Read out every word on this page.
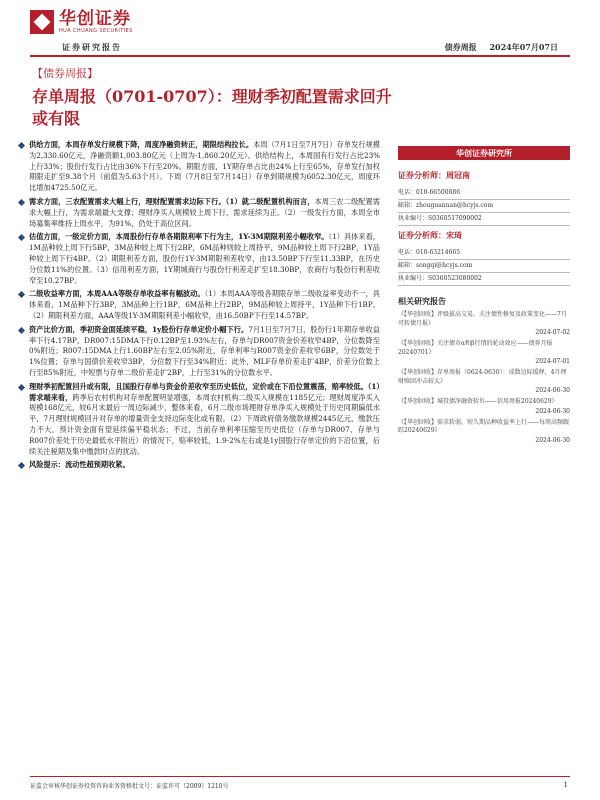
华创证券
HUA CHUANG SECURITIES
证券研究报告	债券周报 2024年07月07日
【债券周报】
存单周报（0701-0707）：理财季初配置需求回升或有限
供给方面，本周存单发行规模下降，周度净融资转正，期限结构拉长。本周（7月1日至7月7日）存单发行规模为2,330.60亿元，净融资额1,003.80亿元（上周为-1,860.20亿元）。供给结构上，本周国有行发行占比23%上行33%；股份行发行占比由36%下行至20%。期限方面，1Y期存单占比由24%上行至65%，存单发行加权期限走扩至9.38个月（前值为5.63个月）。下周（7月8日至7月14日）存单到期规模为6052.30亿元，周度环比增加4725.50亿元。
需求方面，三农配置需求大幅上行，理财配置需求边际下行。（1）就二级配置机构而言，本周三农二级配置需求大幅上行，为需求端最大支撑；理财净买入规模较上周下行，需求延续为正。（2）一级发行方面，本周全市场募集率维持上周水平，为91%，仍处于高位区间。
估值方面，一级定价方面，本周股份行存单各期限利率下行为主，1Y-3M期限利差小幅收窄。（1）具体来看，1M品种较上周下行5BP，3M品种较上周下行2BP，6M品种则较上周持平，9M品种较上周下行2BP，1Y品种较上周下行4BP。（2）期限利差方面，股份行1Y-3M期限利差收窄，由13.50BP下行至11.33BP，在历史分位数11%的位置。（3）信用利差方面，1Y期城商行与股份行利差走扩至18.30BP，农商行与股份行利差收窄至10.27BP。
二级收益率方面，本周AAA等级存单收益率有幅波动。（1）本周AAA等级各期限存单二级收益率变动不一，具体来看，1M品种下行3BP，3M品种上行1BP，6M品种上行2BP，9M品种较上周持平，1Y品种下行1BP。（2）期限利差方面，AAA等级1Y-3M期限利差小幅收窄，由16.50BP下行至14.57BP。
资产比价方面，季初资金面延续平稳，1y股份行存单定价小幅下行。7月1日至7月7日，股份行1年期存单收益率下行4.17BP，DR007:15DMA下行0.12BP至1.93%左右，存单与DR007资金价差收窄4BP，分位数降至0%附近；R007:15DMA上行1.60BP左右至2.05%附近，存单利率与R007资金价差收窄6BP，分位数处于1%位置；存单与国债价差收窄3BP，分位数下行至34%附近；此外，MLF存单价差走扩4BP，价差分位数上行至85%附近，中短票与存单二级价差走扩2BP，上行至31%的分位数水平。
理财季初配置回升或有限，且国股行存单与资金价差收窄至历史低位，定价或在下沿位置震荡，赔率较低。（1）需求端来看，跨季后农村机构对存单配置明显增强，本周农村机构二级买入规模在1185亿元；理财周度净买入规模168亿元，较6月末最后一周边际减少，整体来看，6月二级市场理财存单净买入规模处于历史同期偏低水平，7月理财规模回升对存单的增量资金支持边际变化或有限。（2）下周政府债务缴款规模2445亿元，缴款压力不大，预计资金面有望延续偏平稳状态；不过，当前存单利率压缩至历史低位（存单与DR007、存单与R007价差处于历史最低水平附近）的情况下，赔率较低，1.9-2%左右或是1y国股行存单定价的下沿位置，后续关注税期及集中缴款时点的扰动。
风险提示：流动性超预期收紧。
华创证券研究所
证券分析师：周冠南
电话：010-66500886
邮箱：zhouguannan@hcyjs.com
执业编号：S0360517090002
证券分析师：宋琦
电话：010-63214665
邮箱：songqi@hcyjs.com
执业编号：S0360523080002
相关研究报告
《【华创固收】评级拔高交易，关注债性修复及政策变化——7月可转债月报》
2024-07-02
《【华创固收】关注债市α和β行情的轮动效应——债券月报20240701》
2024-07-01
《【华创固收】存单周报（0624-0630）：成数边际缓释，4月理财赎回冲击较大》
2024-06-30
《【华创固收】城投债净融资转负——信用周报20240629》
2024-06-30
《【华创固收】需求转弱，短久期品种收益率上行——每周高频跟踪20240629》
2024-06-30
证监会审核华创证券投资咨询业务资格批文号：证监许可（2009）1210号	1
